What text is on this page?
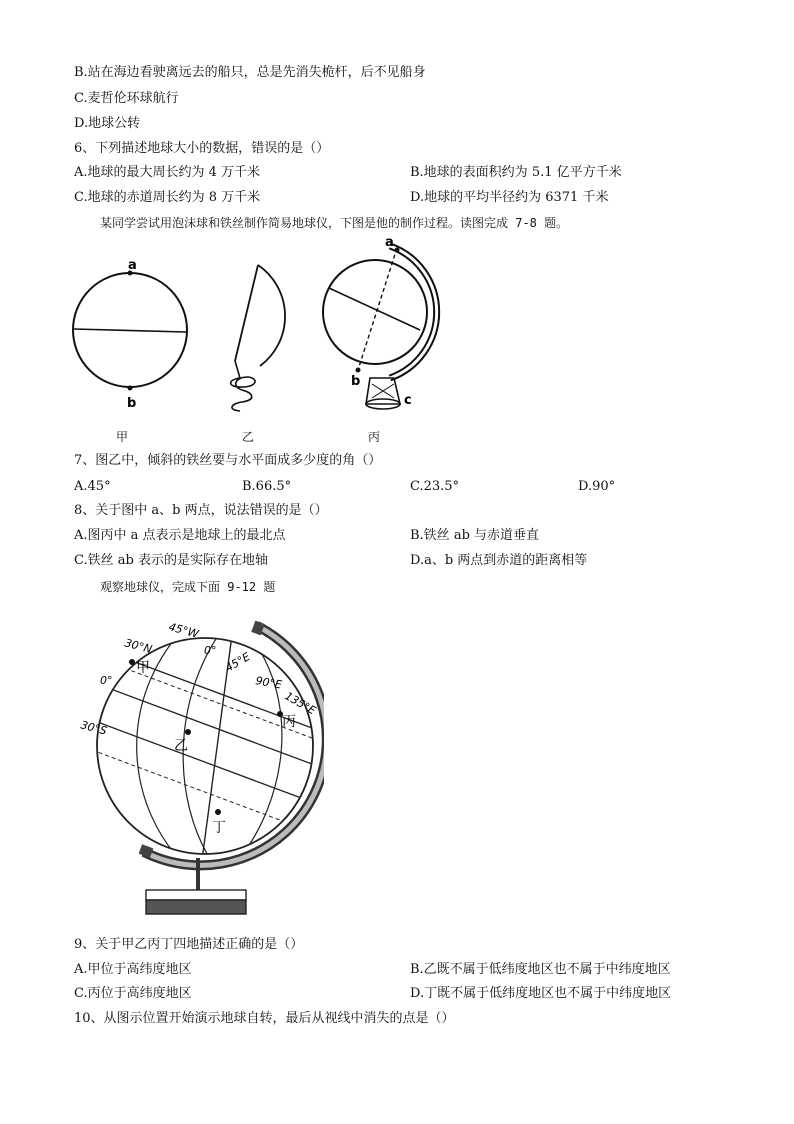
B.站在海边看驶离远去的船只，总是先消失桅杆，后不见船身
C.麦哲伦环球航行
D.地球公转
6、下列描述地球大小的数据，错误的是（）
A.地球的最大周长约为 4 万千米	B.地球的表面积约为 5.1 亿平方千米
C.地球的赤道周长约为 8 万千米	D.地球的平均半径约为 6371 千米
某同学尝试用泡沫球和铁丝制作简易地球仪，下图是他的制作过程。读图完成 7-8 题。
a
b
a
b
c
甲	乙	丙
7、图乙中，倾斜的铁丝要与水平面成多少度的角（）
A.45°	B.66.5°	C.23.5°	D.90°
8、关于图中 a、b 两点，说法错误的是（）
A.图丙中 a 点表示是地球上的最北点	B.铁丝 ab 与赤道垂直
C.铁丝 ab 表示的是实际存在地轴	D.a、b 两点到赤道的距离相等
观察地球仪，完成下面 9-12 题
30°N
0°
30°S
45°W
0° 45°E
90°E
135°E
甲
乙
丙
丁
9、关于甲乙丙丁四地描述正确的是（）
A.甲位于高纬度地区	B.乙既不属于低纬度地区也不属于中纬度地区
C.丙位于高纬度地区	D.丁既不属于低纬度地区也不属于中纬度地区
10、从图示位置开始演示地球自转，最后从视线中消失的点是（）
